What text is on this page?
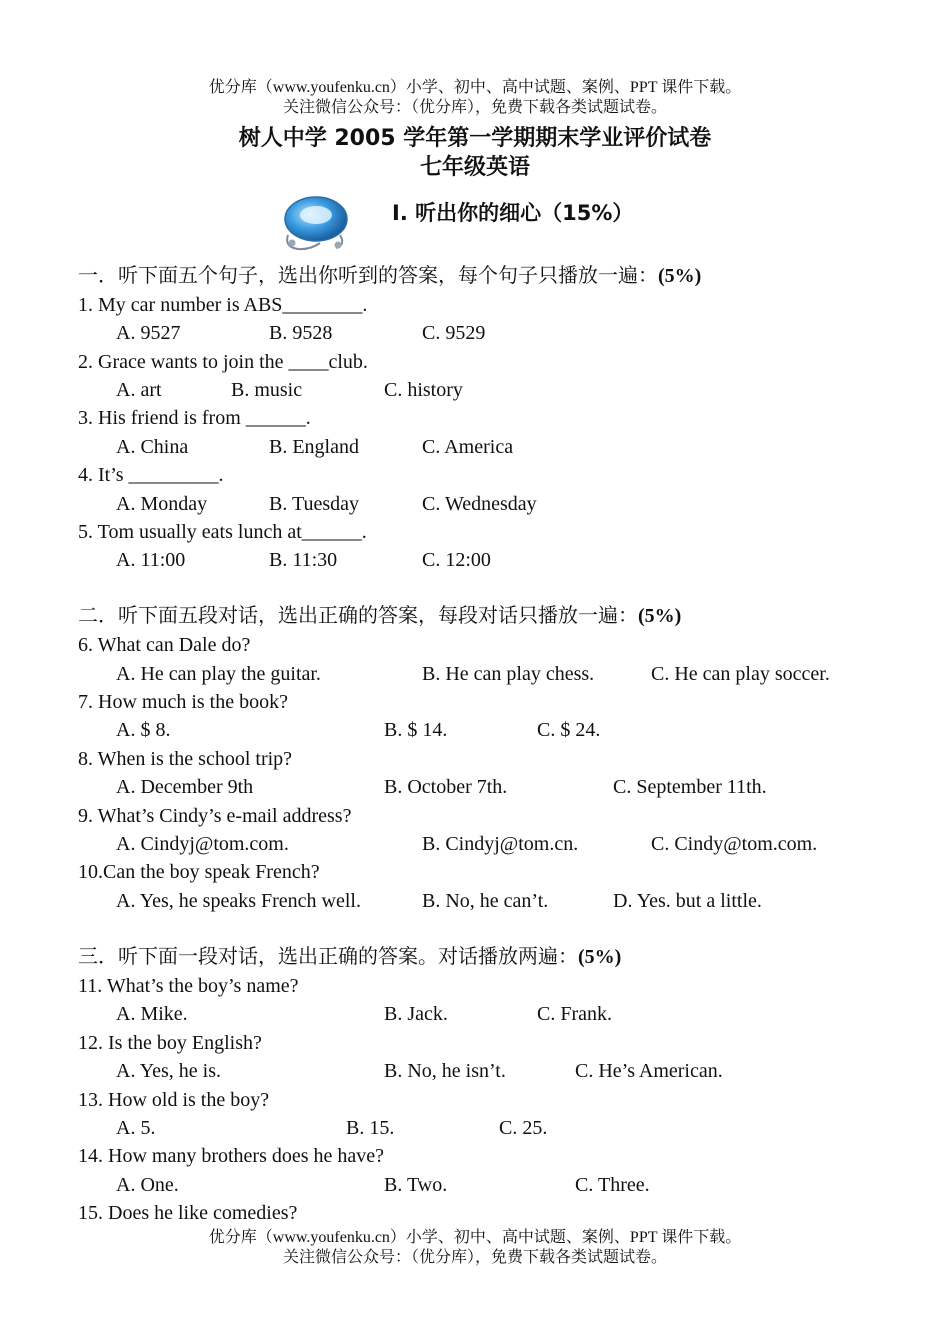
优分库（www.youfenku.cn）小学、初中、高中试题、案例、PPT 课件下载。
关注微信公众号：（优分库），免费下载各类试题试卷。
树人中学 2005 学年第一学期期末学业评价试卷
七年级英语
Ⅰ. 听出你的细心（15%）
一．听下面五个句子，选出你听到的答案，每个句子只播放一遍：(5%)
1. My car number is ABS________.
A. 9527	B. 9528	C. 9529
2. Grace wants to join the ____club.
A. art	B. music	C. history
3. His friend is from ______.
A. China	B. England	C. America
4. It’s _________.
A. Monday	B. Tuesday	C. Wednesday
5. Tom usually eats lunch at______.
A. 11:00	B. 11:30	C. 12:00
二．听下面五段对话，选出正确的答案，每段对话只播放一遍：(5%)
6. What can Dale do?
A. He can play the guitar.	B. He can play chess.	C. He can play soccer.
7. How much is the book?
A. $ 8.	B. $ 14.	C. $ 24.
8. When is the school trip?
A. December 9th	B. October 7th.	C. September 11th.
9. What’s Cindy’s e-mail address?
A. Cindyj@tom.com.	B. Cindyj@tom.cn.	C. Cindy@tom.com.
10.Can the boy speak French?
A. Yes, he speaks French well.	B. No, he can’t.	D. Yes. but a little.
三．听下面一段对话，选出正确的答案。对话播放两遍：(5%)
11. What’s the boy’s name?
A. Mike.	B. Jack.	C. Frank.
12. Is the boy English?
A. Yes, he is.	B. No, he isn’t.	C. He’s American.
13. How old is the boy?
A. 5.	B. 15.	C. 25.
14. How many brothers does he have?
A. One.	B. Two.	C. Three.
15. Does he like comedies?
优分库（www.youfenku.cn）小学、初中、高中试题、案例、PPT 课件下载。
关注微信公众号：（优分库），免费下载各类试题试卷。
